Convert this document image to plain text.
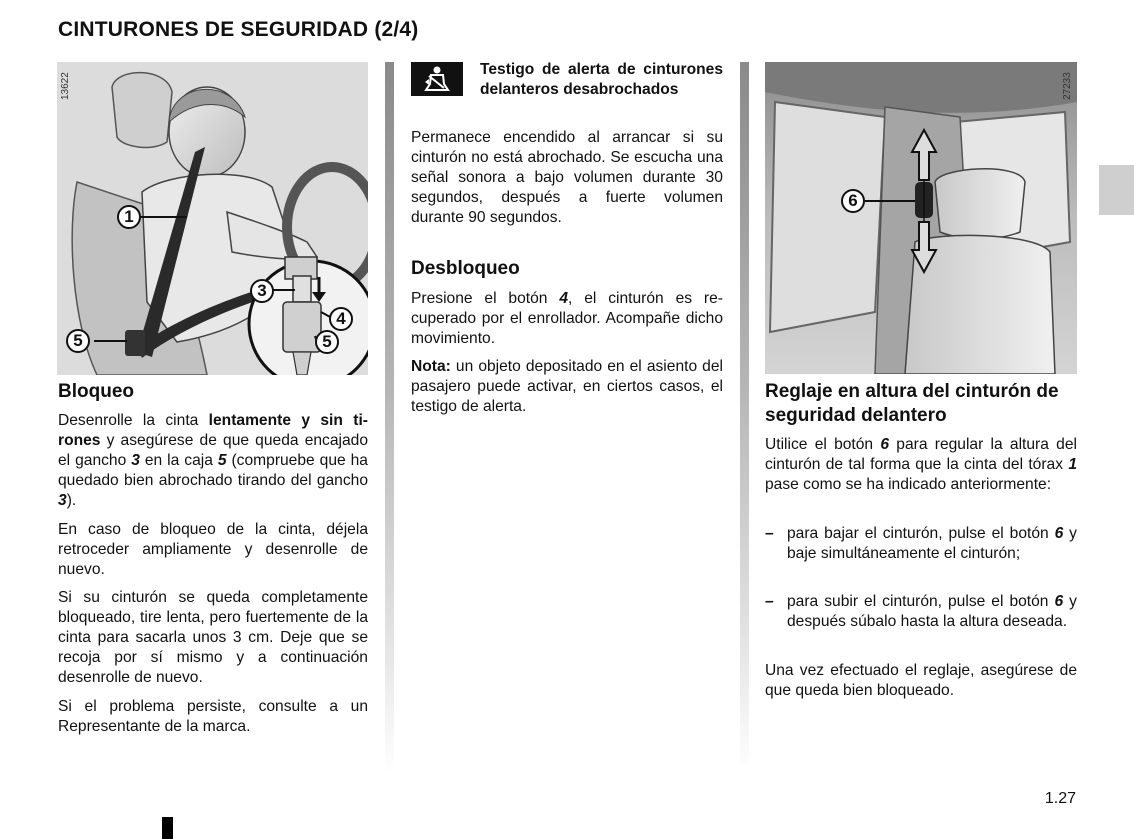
CINTURONES DE SEGURIDAD (2/4)
13622
1
3
4
5
5
Bloqueo
Desenrolle la cinta lentamente y sin tirones y asegúrese de que queda encajado el gancho 3 en la caja 5 (compruebe que ha quedado bien abrochado tirando del gancho 3).
En caso de bloqueo de la cinta, déjela retroceder ampliamente y desenrolle de nuevo.
Si su cinturón se queda completamente bloqueado, tire lenta, pero fuertemente de la cinta para sacarla unos 3 cm. Deje que se recoja por sí mismo y a continuación desenrolle de nuevo.
Si el problema persiste, consulte a un Representante de la marca.
Testigo de alerta de cinturones delanteros desabrochados
Permanece encendido al arrancar si su cinturón no está abrochado. Se escucha una señal sonora a bajo volumen durante 30 segundos, después a fuerte volumen durante 90 segundos.
Desbloqueo
Presione el botón 4, el cinturón es recuperado por el enrollador. Acompañe dicho movimiento.
Nota: un objeto depositado en el asiento del pasajero puede activar, en ciertos casos, el testigo de alerta.
27233
6
Reglaje en altura del cinturón de seguridad delantero
Utilice el botón 6 para regular la altura del cinturón de tal forma que la cinta del tórax 1 pase como se ha indicado anteriormente:
– para bajar el cinturón, pulse el botón 6 y baje simultáneamente el cinturón;
– para subir el cinturón, pulse el botón 6 y después súbalo hasta la altura deseada.
Una vez efectuado el reglaje, asegúrese de que queda bien bloqueado.
1.27
